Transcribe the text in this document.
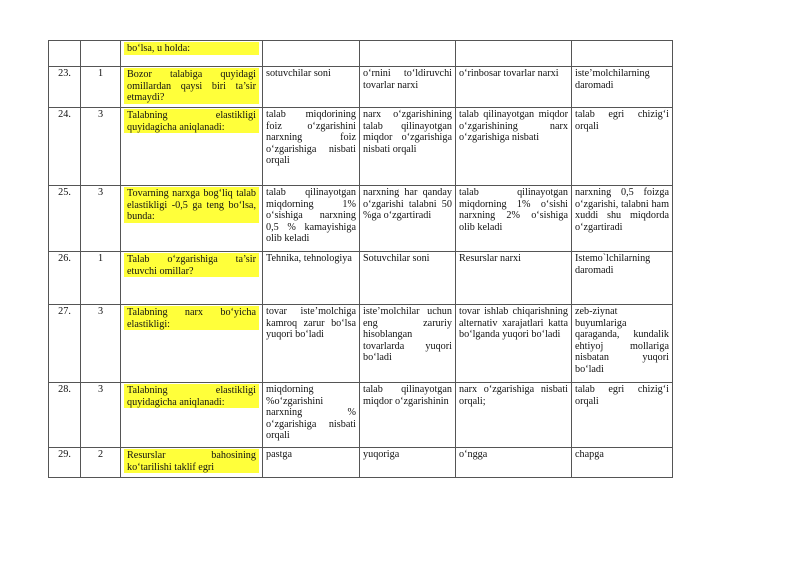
		bo‘lsa, u holda:				

23.	1	Bozor talabiga quyidagi omillardan qaysi biri ta’sir etmaydi?	sotuvchilar soni	o‘rnini to‘ldiruvchi tovarlar narxi	o‘rinbosar tovarlar narxi	iste’molchilarning daromadi
24.	3	Talabning elastikligi quyidagicha aniqlanadi:	talab miqdorining foiz o‘zgarishini narxning foiz o‘zgarishiga nisbati orqali	narx o‘zgarishining talab qilinayotgan miqdor o‘zgarishiga nisbati orqali	talab qilinayotgan miqdor o‘zgarishining narx o‘zgarishiga nisbati	talab egri chizig‘i orqali
25.	3	Tovarning narxga bog‘liq talab elastikligi -0,5 ga teng bo‘lsa, bunda:	talab qilinayotgan miqdorning 1% o‘sishiga narxning 0,5 % kamayishiga olib keladi	narxning har qanday o‘zgarishi talabni 50 %ga o‘zgartiradi	talab qilinayotgan miqdorning 1% o‘sishi narxning 2% o‘sishiga olib keladi	narxning 0,5 foizga o‘zgarishi, talabni ham xuddi shu miqdorda o‘zgartiradi
26.	1	Talab o‘zgarishiga ta’sir etuvchi omillar?	Tehnika, tehnologiya	Sotuvchilar soni	Resurslar narxi	Istemo`lchilarning daromadi
27.	3	Talabning narx bo‘yicha elastikligi:	tovar iste’molchiga kamroq zarur bo‘lsa yuqori bo‘ladi	iste’molchilar uchun eng zaruriy hisoblangan tovarlarda yuqori bo‘ladi	tovar ishlab chiqarishning alternativ xarajatlari katta bo‘lganda yuqori bo‘ladi	zeb-ziynat buyumlariga qaraganda, kundalik ehtiyoj mollariga nisbatan yuqori bo‘ladi
28.	3	Talabning elastikligi quyidagicha aniqlanadi:	miqdorning %o‘zgarishini narxning % o‘zgarishiga nisbati orqali	talab qilinayotgan miqdor o‘zgarishinin	narx o‘zgarishiga nisbati orqali;	talab egri chizig‘i orqali
29.	2	Resurslar bahosining ko‘tarilishi taklif egri	pastga	yuqoriga	o‘ngga	chapga
